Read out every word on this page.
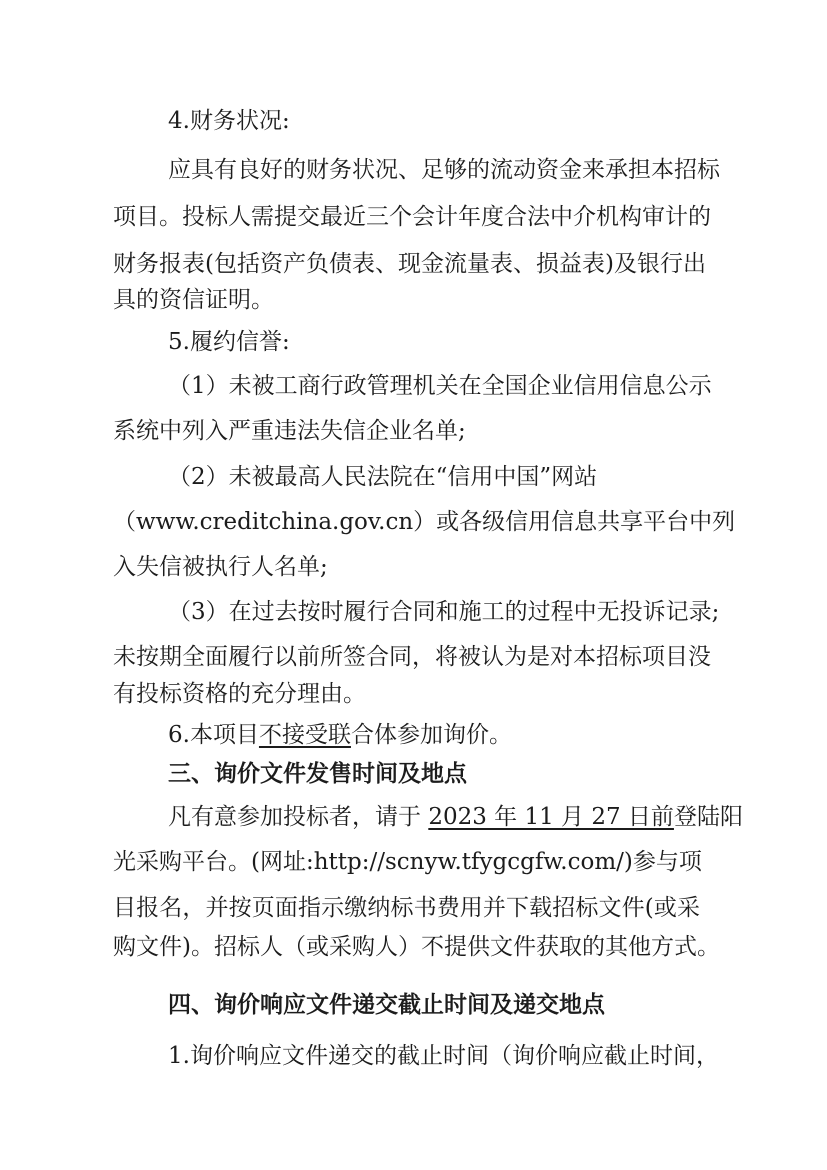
4.财务状况:
应具有良好的财务状况、足够的流动资金来承担本招标
项目。投标人需提交最近三个会计年度合法中介机构审计的
财务报表(包括资产负债表、现金流量表、损益表)及银行出
具的资信证明。
5.履约信誉:
（1）未被工商行政管理机关在全国企业信用信息公示
系统中列入严重违法失信企业名单;
（2）未被最高人民法院在“信用中国”网站
（www.creditchina.gov.cn）或各级信用信息共享平台中列
入失信被执行人名单;
（3）在过去按时履行合同和施工的过程中无投诉记录;
未按期全面履行以前所签合同，将被认为是对本招标项目没
有投标资格的充分理由。
6.本项目不接受联合体参加询价。
三、询价文件发售时间及地点
凡有意参加投标者，请于 2023 年 11 月 27 日前登陆阳
光采购平台。(网址:http://scnyw.tfygcgfw.com/)参与项
目报名，并按页面指示缴纳标书费用并下载招标文件(或采
购文件)。招标人（或采购人）不提供文件获取的其他方式。
四、询价响应文件递交截止时间及递交地点
1.询价响应文件递交的截止时间（询价响应截止时间，
